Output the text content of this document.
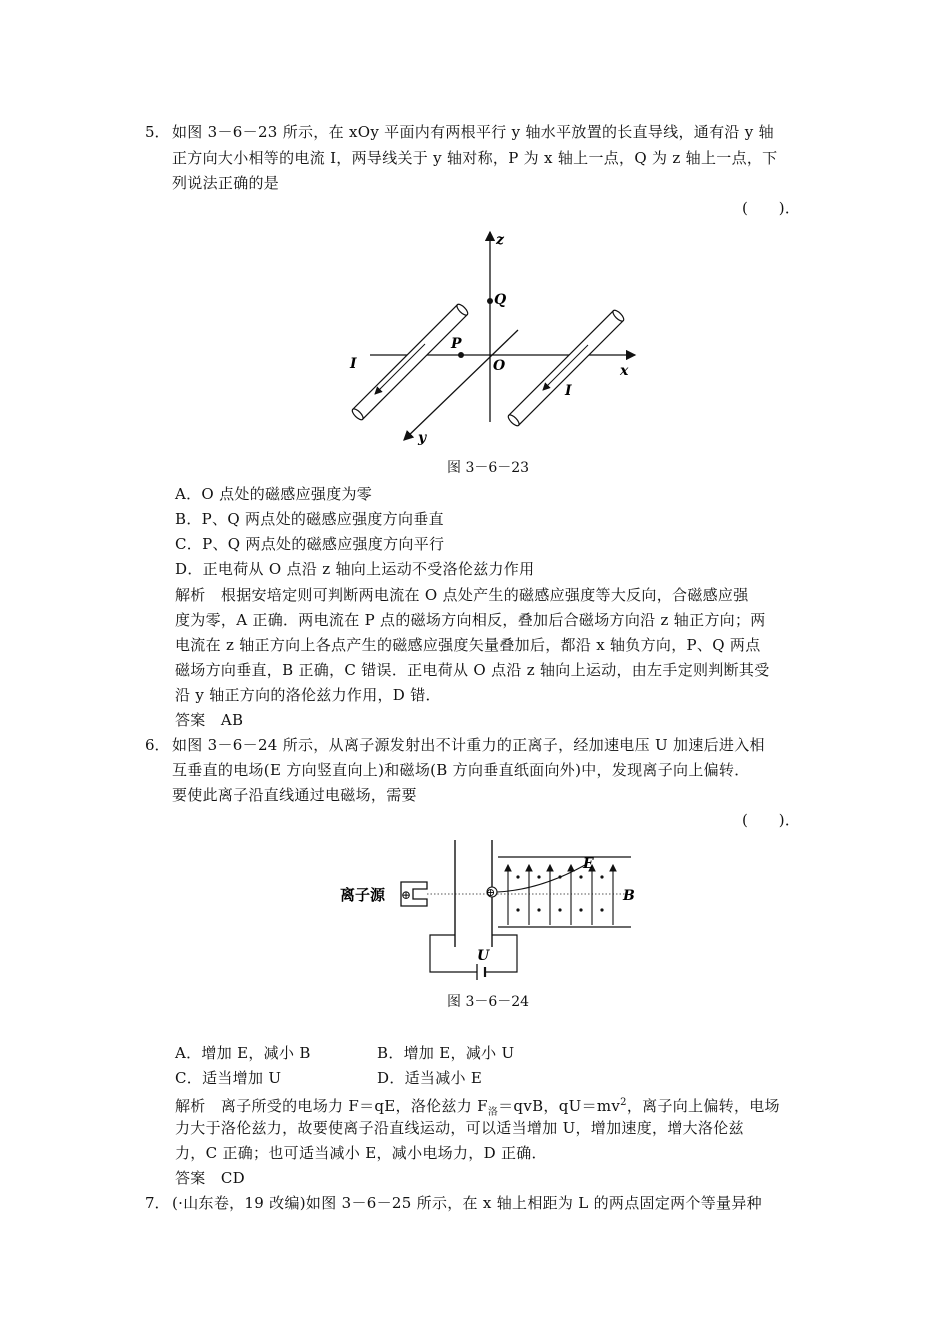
5． 如图 3－6－23 所示，在 xOy 平面内有两根平行 y 轴水平放置的长直导线，通有沿 y 轴
正方向大小相等的电流 I，两导线关于 y 轴对称，P 为 x 轴上一点，Q 为 z 轴上一点，下
列说法正确的是
(　　)．
z
Q
x
y
P
O
I
I
图 3－6－23
A．O 点处的磁感应强度为零
B．P、Q 两点处的磁感应强度方向垂直
C．P、Q 两点处的磁感应强度方向平行
D．正电荷从 O 点沿 z 轴向上运动不受洛伦兹力作用
解析　根据安培定则可判断两电流在 O 点处产生的磁感应强度等大反向，合磁感应强
度为零，A 正确．两电流在 P 点的磁场方向相反，叠加后合磁场方向沿 z 轴正方向；两
电流在 z 轴正方向上各点产生的磁感应强度矢量叠加后，都沿 x 轴负方向，P、Q 两点
磁场方向垂直，B 正确，C 错误．正电荷从 O 点沿 z 轴向上运动，由左手定则判断其受
沿 y 轴正方向的洛伦兹力作用，D 错．
答案　AB
6． 如图 3－6－24 所示，从离子源发射出不计重力的正离子，经加速电压 U 加速后进入相
互垂直的电场(E 方向竖直向上)和磁场(B 方向垂直纸面向外)中，发现离子向上偏转．
要使此离子沿直线通过电磁场，需要
(　　)．
离子源 ⊕	⊕
E
B
U
图 3－6－24
A．增加 E，减小 B	B．增加 E，减小 U
C．适当增加 U	D．适当减小 E
解析　离子所受的电场力 F＝qE，洛伦兹力 $F_洛=qvB$，$qU=mv^2$，离子向上偏转，电场
力大于洛伦兹力，故要使离子沿直线运动，可以适当增加 U，增加速度，增大洛伦兹
力，C 正确；也可适当减小 E，减小电场力，D 正确．
答案　CD
7． (·山东卷，19 改编)如图 3－6－25 所示，在 x 轴上相距为 L 的两点固定两个等量异种
